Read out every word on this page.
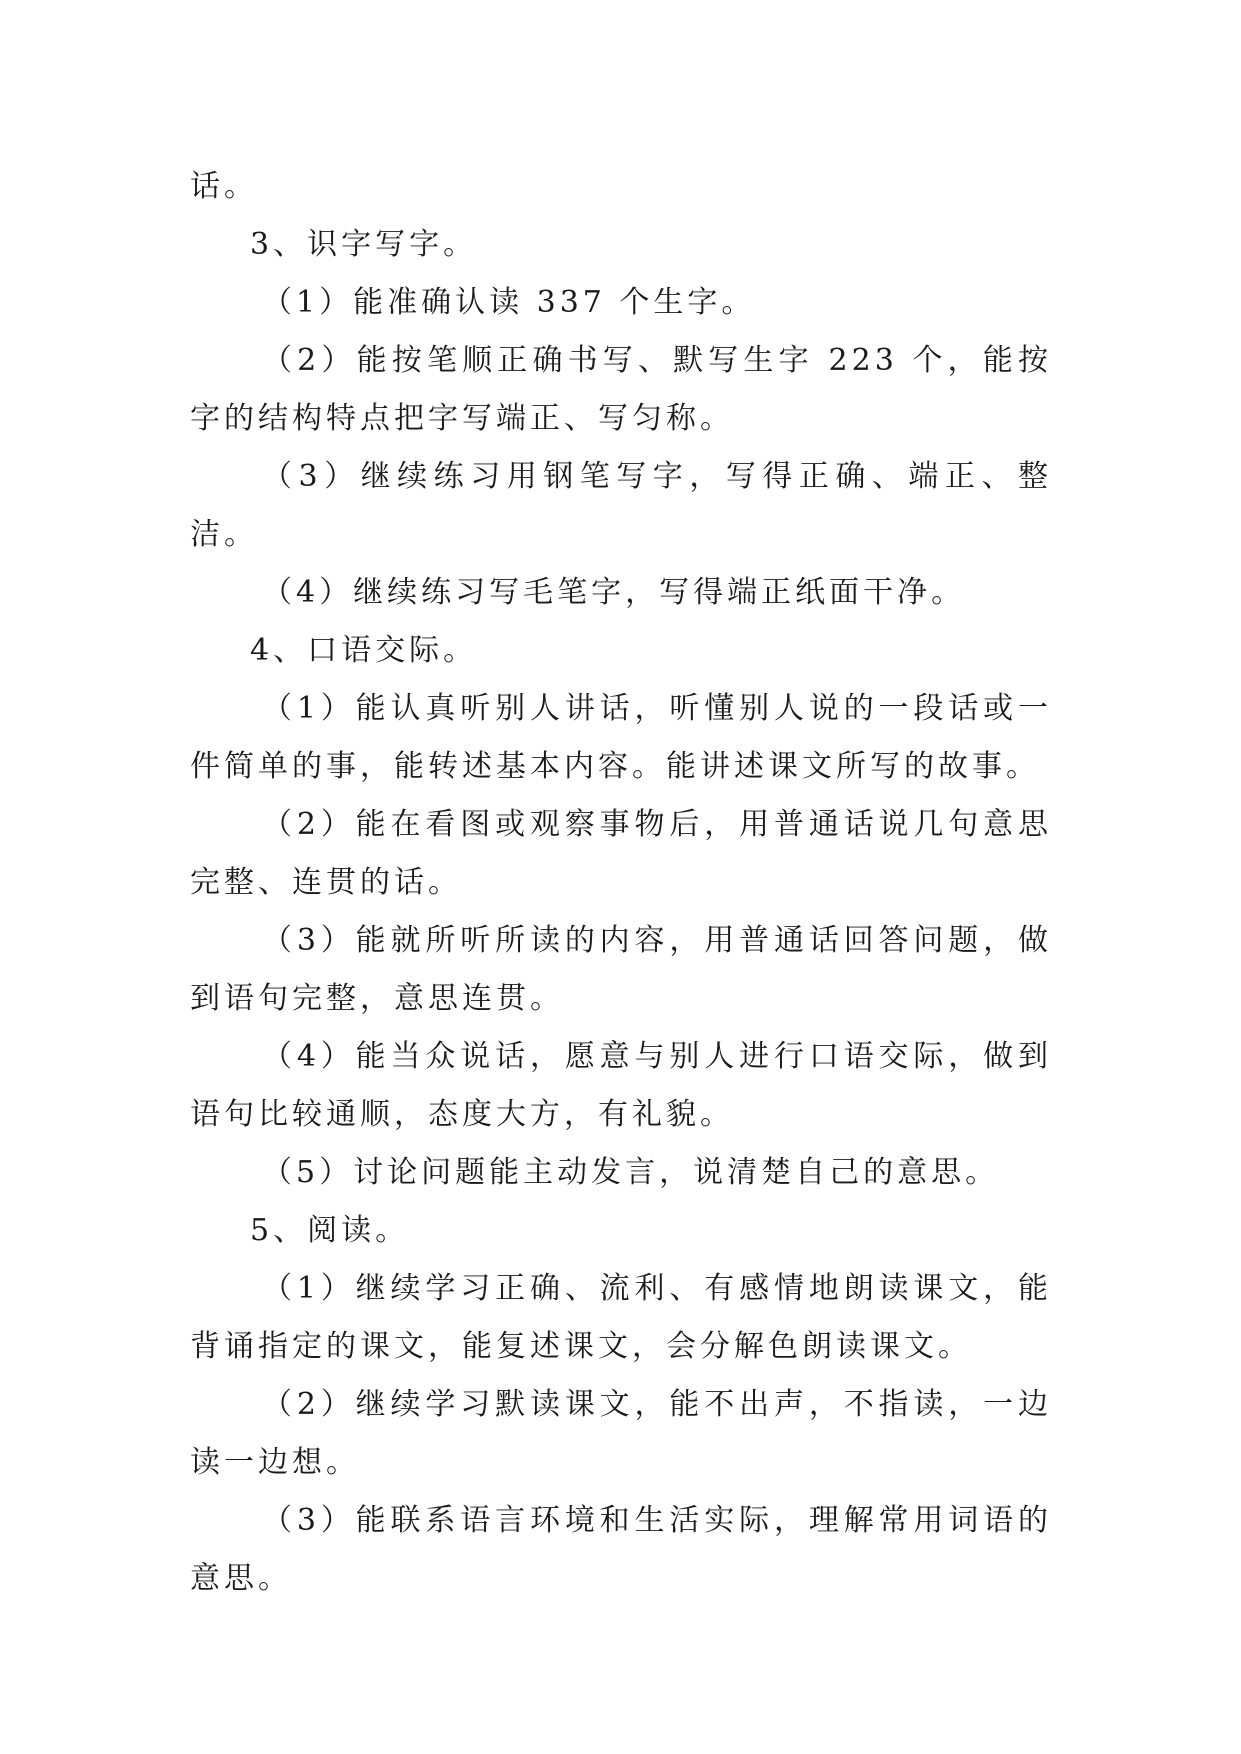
话。

3、识字写字。

（1）能准确认读 337 个生字。

（2）能按笔顺正确书写、默写生字 223 个，能按字的结构特点把字写端正、写匀称。

（3）继续练习用钢笔写字，写得正确、端正、整洁。

（4）继续练习写毛笔字，写得端正纸面干净。

4、口语交际。

（1）能认真听别人讲话，听懂别人说的一段话或一件简单的事，能转述基本内容。能讲述课文所写的故事。

（2）能在看图或观察事物后，用普通话说几句意思完整、连贯的话。

（3）能就所听所读的内容，用普通话回答问题，做到语句完整，意思连贯。

（4）能当众说话，愿意与别人进行口语交际，做到语句比较通顺，态度大方，有礼貌。

（5）讨论问题能主动发言，说清楚自己的意思。

5、阅读。

（1）继续学习正确、流利、有感情地朗读课文，能背诵指定的课文，能复述课文，会分解色朗读课文。

（2）继续学习默读课文，能不出声，不指读，一边读一边想。

（3）能联系语言环境和生活实际，理解常用词语的意思。
